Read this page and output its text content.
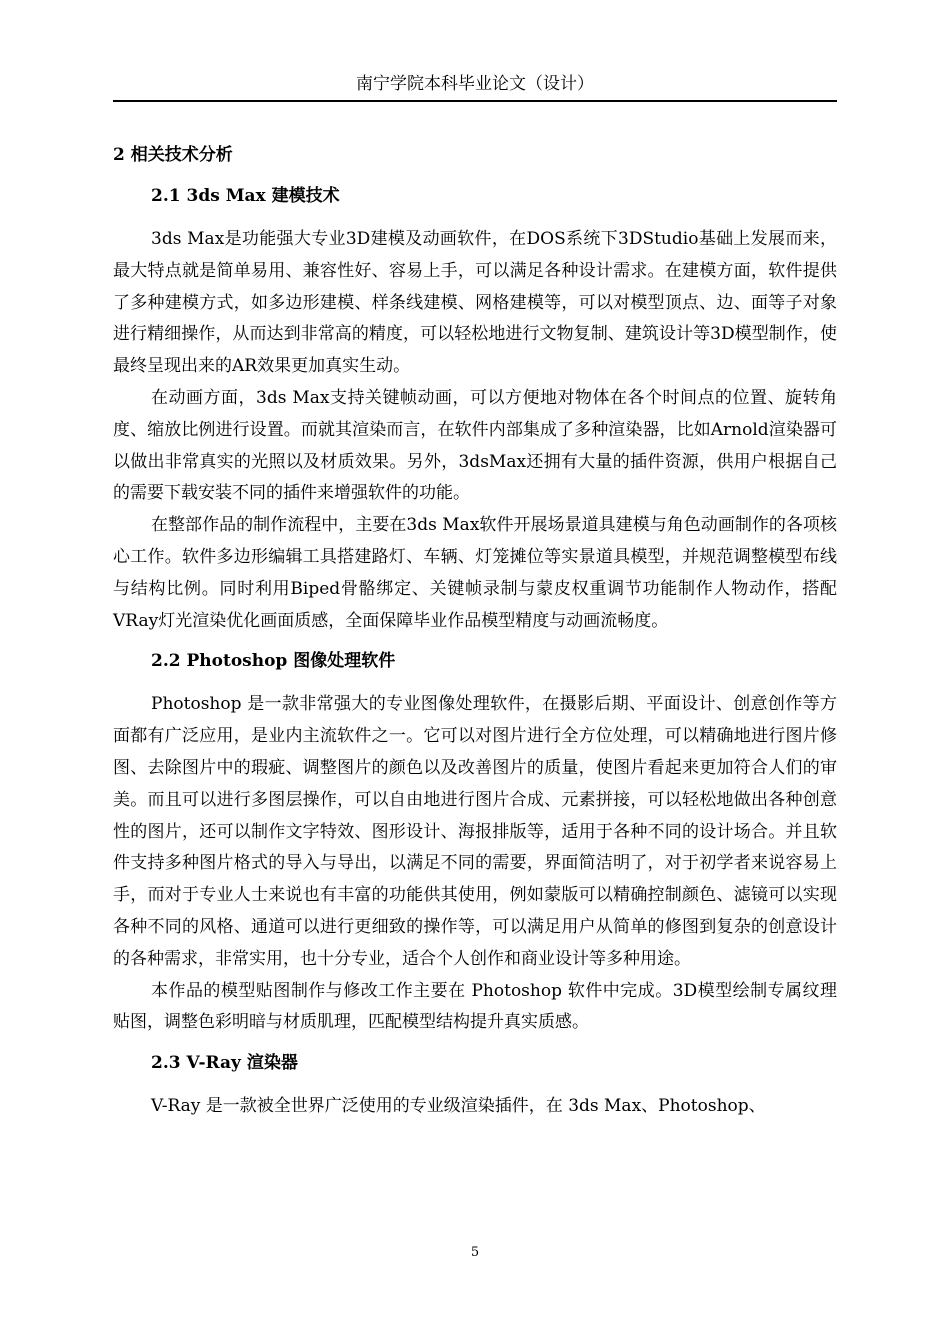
南宁学院本科毕业论文（设计）
2 相关技术分析
2.1 3ds Max 建模技术

3ds Max是功能强大专业3D建模及动画软件，在DOS系统下3DStudio基础上发展而来，最大特点就是简单易用、兼容性好、容易上手，可以满足各种设计需求。在建模方面，软件提供了多种建模方式，如多边形建模、样条线建模、网格建模等，可以对模型顶点、边、面等子对象进行精细操作，从而达到非常高的精度，可以轻松地进行文物复制、建筑设计等3D模型制作，使最终呈现出来的AR效果更加真实生动。

在动画方面，3ds Max支持关键帧动画，可以方便地对物体在各个时间点的位置、旋转角度、缩放比例进行设置。而就其渲染而言，在软件内部集成了多种渲染器，比如Arnold渲染器可以做出非常真实的光照以及材质效果。另外，3dsMax还拥有大量的插件资源，供用户根据自己的需要下载安装不同的插件来增强软件的功能。

在整部作品的制作流程中，主要在3ds Max软件开展场景道具建模与角色动画制作的各项核心工作。软件多边形编辑工具搭建路灯、车辆、灯笼摊位等实景道具模型，并规范调整模型布线与结构比例。同时利用Biped骨骼绑定、关键帧录制与蒙皮权重调节功能制作人物动作，搭配VRay灯光渲染优化画面质感，全面保障毕业作品模型精度与动画流畅度。

2.2 Photoshop 图像处理软件

Photoshop 是一款非常强大的专业图像处理软件，在摄影后期、平面设计、创意创作等方面都有广泛应用，是业内主流软件之一。它可以对图片进行全方位处理，可以精确地进行图片修图、去除图片中的瑕疵、调整图片的颜色以及改善图片的质量，使图片看起来更加符合人们的审美。而且可以进行多图层操作，可以自由地进行图片合成、元素拼接，可以轻松地做出各种创意性的图片，还可以制作文字特效、图形设计、海报排版等，适用于各种不同的设计场合。并且软件支持多种图片格式的导入与导出，以满足不同的需要，界面简洁明了，对于初学者来说容易上手，而对于专业人士来说也有丰富的功能供其使用，例如蒙版可以精确控制颜色、滤镜可以实现各种不同的风格、通道可以进行更细致的操作等，可以满足用户从简单的修图到复杂的创意设计的各种需求，非常实用，也十分专业，适合个人创作和商业设计等多种用途。

本作品的模型贴图制作与修改工作主要在 Photoshop 软件中完成。3D模型绘制专属纹理贴图，调整色彩明暗与材质肌理，匹配模型结构提升真实质感。

2.3 V-Ray 渲染器

V-Ray 是一款被全世界广泛使用的专业级渲染插件，在 3ds Max、Photoshop、

5
